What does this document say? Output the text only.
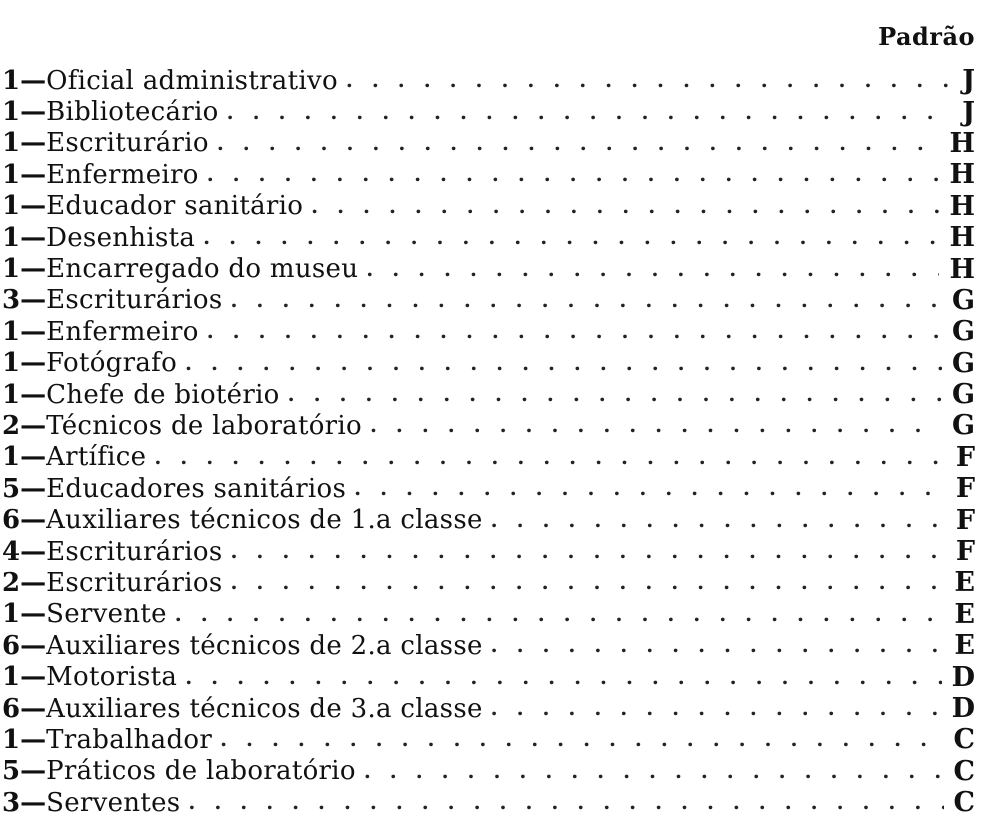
Padrão
1 — Oficial administrativo . . .	J
1 — Bibliotecário . . .	J
1 — Escriturário . . .	H
1 — Enfermeiro . . .	H
1 — Educador sanitário . . .	H
1 — Desenhista . . .	H
1 — Encarregado do museu . . .	H
3 — Escriturários . . .	G
1 — Enfermeiro . . .	G
1 — Fotógrafo . . .	G
1 — Chefe de biotério . . .	G
2 — Técnicos de laboratório . . .	G
1 — Artífice . . .	F
5 — Educadores sanitários . . .	F
6 — Auxiliares técnicos de 1.a classe . . .	F
4 — Escriturários . . .	F
2 — Escriturários . . .	E
1 — Servente . . .	E
6 — Auxiliares técnicos de 2.a classe . . .	E
1 — Motorista . . .	D
6 — Auxiliares técnicos de 3.a classe . . .	D
1 — Trabalhador . . .	C
5 — Práticos de laboratório . . .	C
3 — Serventes . . .	C
